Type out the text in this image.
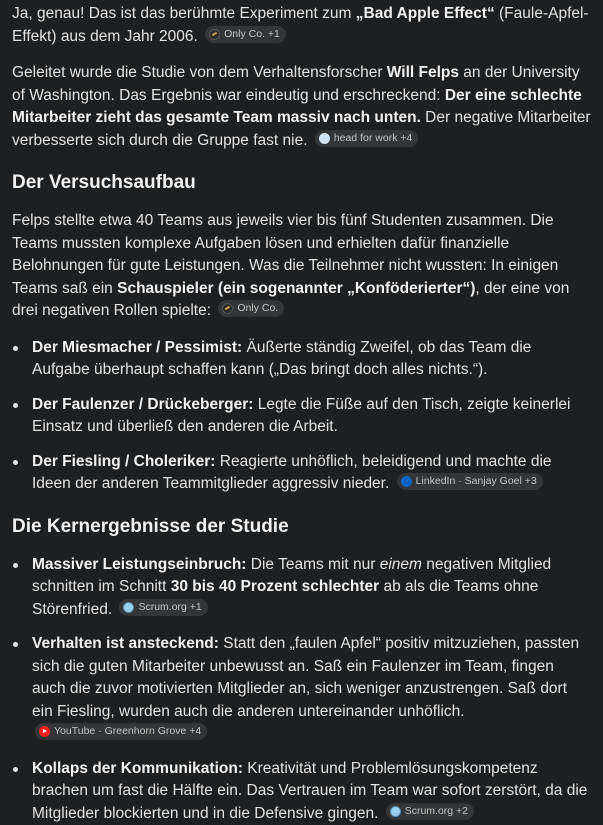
Ja, genau! Das ist das berühmte Experiment zum „Bad Apple Effect“ (Faule-Apfel-Effekt) aus dem Jahr 2006.	Only Co. +1

Geleitet wurde die Studie von dem Verhaltensforscher Will Felps an der University of Washington. Das Ergebnis war eindeutig und erschreckend: Der eine schlechte Mitarbeiter zieht das gesamte Team massiv nach unten. Der negative Mitarbeiter verbesserte sich durch die Gruppe fast nie.	head for work +4

Der Versuchsaufbau

Felps stellte etwa 40 Teams aus jeweils vier bis fünf Studenten zusammen. Die Teams mussten komplexe Aufgaben lösen und erhielten dafür finanzielle Belohnungen für gute Leistungen. Was die Teilnehmer nicht wussten: In einigen Teams saß ein Schauspieler (ein sogenannter „Konföderierter“), der eine von drei negativen Rollen spielte:	Only Co.

Der Miesmacher / Pessimist: Äußerte ständig Zweifel, ob das Team die Aufgabe überhaupt schaffen kann („Das bringt doch alles nichts.“).
Der Faulenzer / Drückeberger: Legte die Füße auf den Tisch, zeigte keinerlei Einsatz und überließ den anderen die Arbeit.
Der Fiesling / Choleriker: Reagierte unhöflich, beleidigend und machte die Ideen der anderen Teammitglieder aggressiv nieder.	LinkedIn · Sanjay Goel +3
Die Kernergebnisse der Studie
Massiver Leistungseinbruch: Die Teams mit nur einem negativen Mitglied schnitten im Schnitt 30 bis 40 Prozent schlechter ab als die Teams ohne Störenfried.	Scrum.org +1
Verhalten ist ansteckend: Statt den „faulen Apfel“ positiv mitzuziehen, passten sich die guten Mitarbeiter unbewusst an. Saß ein Faulenzer im Team, fingen auch die zuvor motivierten Mitglieder an, sich weniger anzustrengen. Saß dort ein Fiesling, wurden auch die anderen untereinander unhöflich.
YouTube · Greenhorn Grove +4
Kollaps der Kommunikation: Kreativität und Problemlösungskompetenz brachen um fast die Hälfte ein. Das Vertrauen im Team war sofort zerstört, da die Mitglieder blockierten und in die Defensive gingen.	Scrum.org +2
